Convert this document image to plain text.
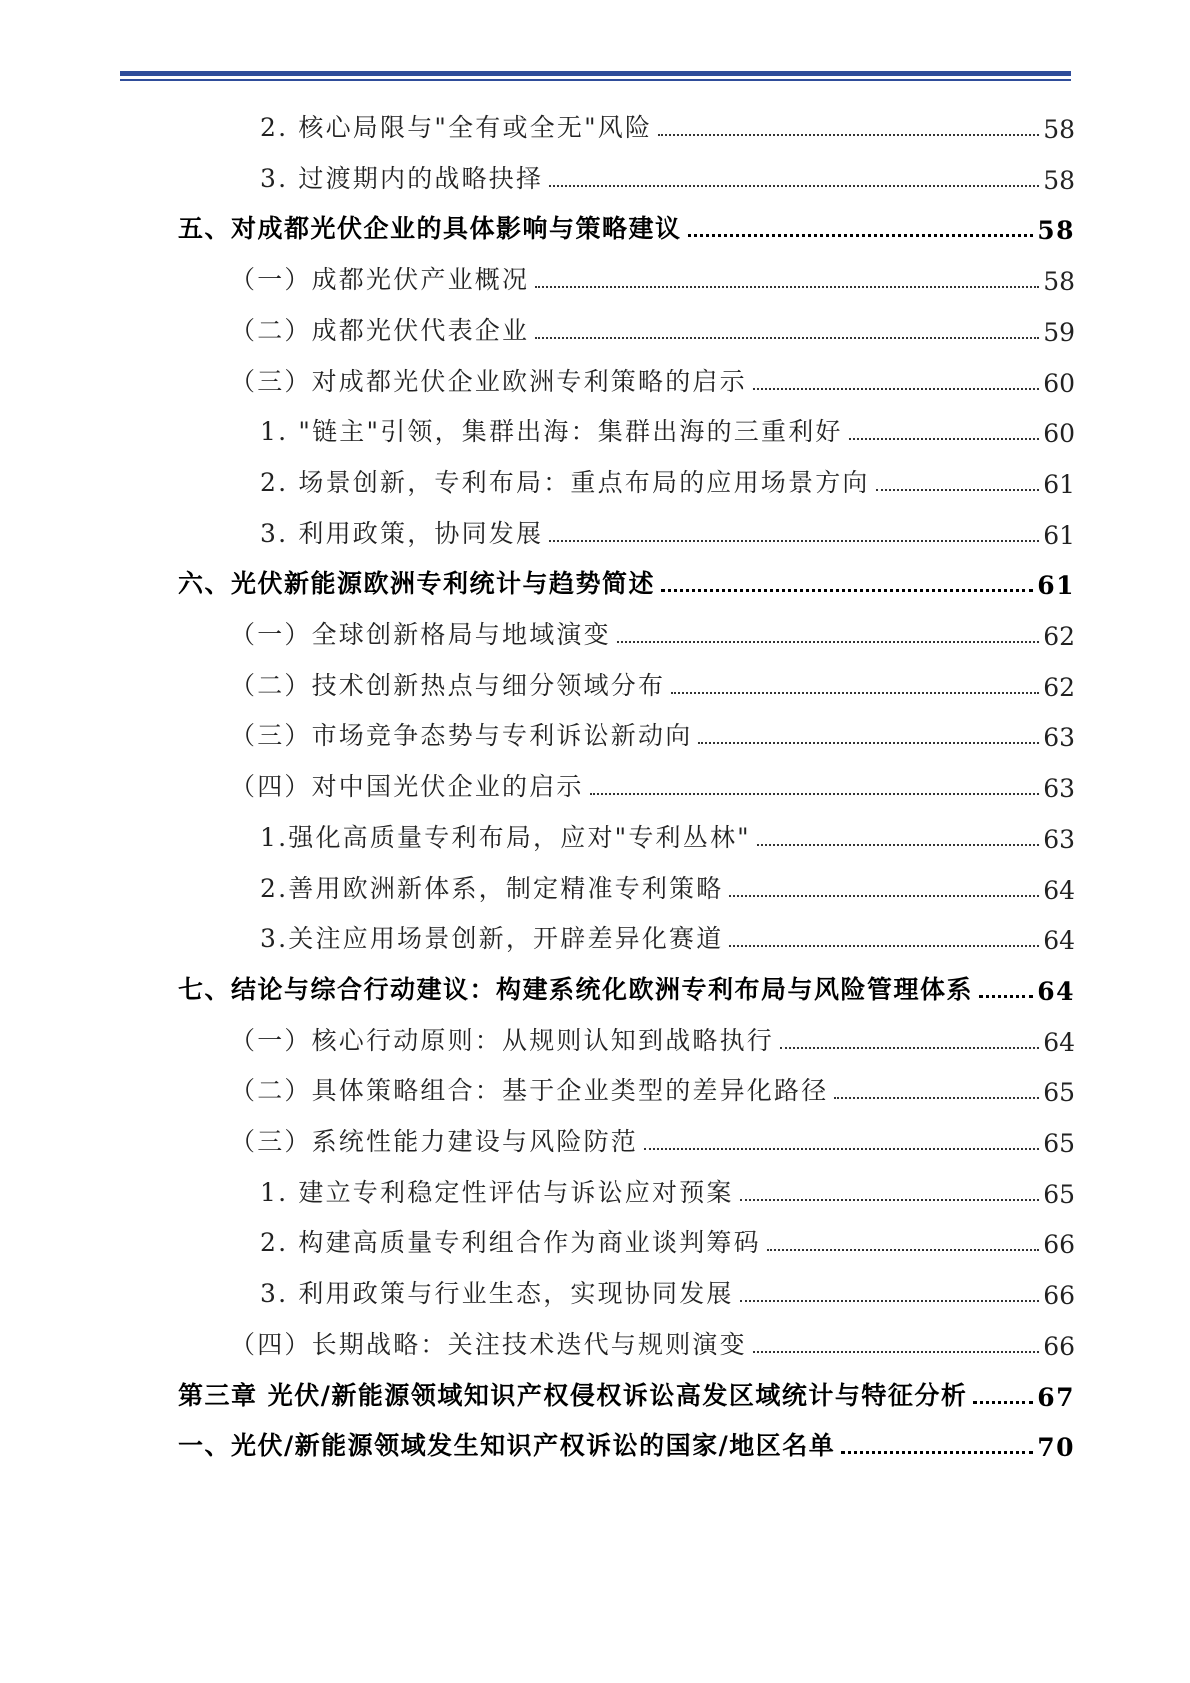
2. 核心局限与"全有或全无"风险	58
3. 过渡期内的战略抉择	58
五、对成都光伏企业的具体影响与策略建议	58
（一）成都光伏产业概况	58
（二）成都光伏代表企业	59
（三）对成都光伏企业欧洲专利策略的启示	60
1. "链主"引领，集群出海：集群出海的三重利好	60
2. 场景创新，专利布局：重点布局的应用场景方向	61
3. 利用政策，协同发展	61
六、光伏新能源欧洲专利统计与趋势简述	61
（一）全球创新格局与地域演变	62
（二）技术创新热点与细分领域分布	62
（三）市场竞争态势与专利诉讼新动向	63
（四）对中国光伏企业的启示	63
1.强化高质量专利布局，应对"专利丛林"	63
2.善用欧洲新体系，制定精准专利策略	64
3.关注应用场景创新，开辟差异化赛道	64
七、结论与综合行动建议：构建系统化欧洲专利布局与风险管理体系	64
（一）核心行动原则：从规则认知到战略执行	64
（二）具体策略组合：基于企业类型的差异化路径	65
（三）系统性能力建设与风险防范	65
1. 建立专利稳定性评估与诉讼应对预案	65
2. 构建高质量专利组合作为商业谈判筹码	66
3. 利用政策与行业生态，实现协同发展	66
（四）长期战略：关注技术迭代与规则演变	66
第三章 光伏/新能源领域知识产权侵权诉讼高发区域统计与特征分析	67
一、光伏/新能源领域发生知识产权诉讼的国家/地区名单	70
